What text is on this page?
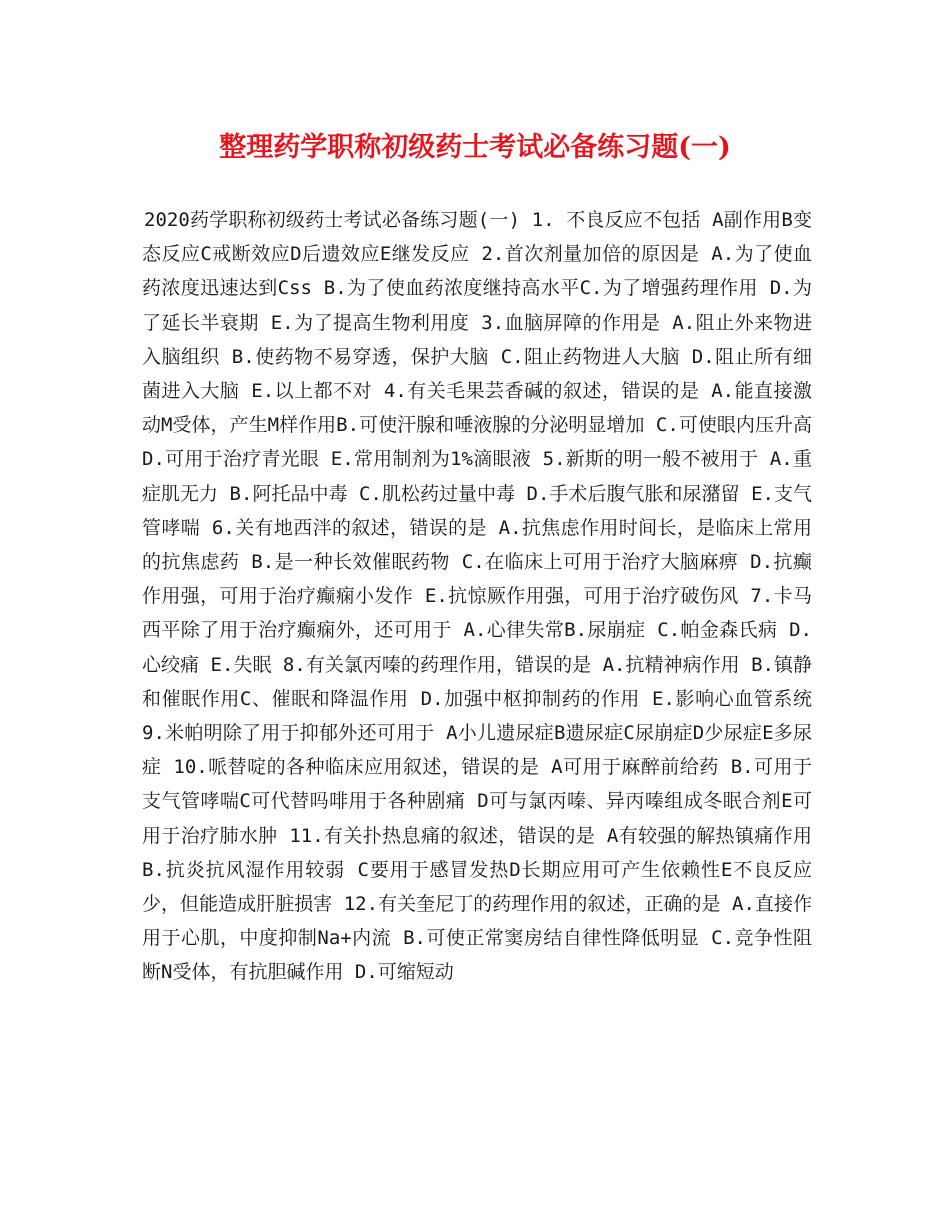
整理药学职称初级药士考试必备练习题(一)

2020药学职称初级药士考试必备练习题(一) 1. 不良反应不包括 A副作用B变态反应C戒断效应D后遗效应E继发反应 2.首次剂量加倍的原因是 A.为了使血药浓度迅速达到Css B.为了使血药浓度继持高水平C.为了增强药理作用 D.为了延长半衰期 E.为了提高生物利用度 3.血脑屏障的作用是 A.阻止外来物进入脑组织 B.使药物不易穿透，保护大脑 C.阻止药物进人大脑 D.阻止所有细菌进入大脑 E.以上都不对 4.有关毛果芸香碱的叙述，错误的是 A.能直接激动M受体，产生M样作用B.可使汗腺和唾液腺的分泌明显增加 C.可使眼内压升高 D.可用于治疗青光眼 E.常用制剂为1%滴眼液 5.新斯的明一般不被用于 A.重症肌无力 B.阿托品中毒 C.肌松药过量中毒 D.手术后腹气胀和尿潴留 E.支气管哮喘 6.关有地西泮的叙述，错误的是 A.抗焦虑作用时间长，是临床上常用的抗焦虑药 B.是一种长效催眠药物 C.在临床上可用于治疗大脑麻痹 D.抗癫作用强，可用于治疗癫痫小发作 E.抗惊厥作用强，可用于治疗破伤风 7.卡马西平除了用于治疗癫痫外，还可用于 A.心律失常B.尿崩症 C.帕金森氏病 D.心绞痛 E.失眠 8.有关氯丙嗪的药理作用，错误的是 A.抗精神病作用 B.镇静和催眠作用C、催眠和降温作用 D.加强中枢抑制药的作用 E.影响心血管系统 9.米帕明除了用于抑郁外还可用于 A小儿遗尿症B遗尿症C尿崩症D少尿症E多尿症 10.哌替啶的各种临床应用叙述，错误的是 A可用于麻醉前给药 B.可用于支气管哮喘C可代替吗啡用于各种剧痛 D可与氯丙嗪、异丙嗪组成冬眠合剂E可用于治疗肺水肿 11.有关扑热息痛的叙述，错误的是 A有较强的解热镇痛作用 B.抗炎抗风湿作用较弱 C要用于感冒发热D长期应用可产生依赖性E不良反应少，但能造成肝脏损害 12.有关奎尼丁的药理作用的叙述，正确的是 A.直接作用于心肌，中度抑制Na+内流 B.可使正常窦房结自律性降低明显 C.竞争性阻断N受体，有抗胆碱作用 D.可缩短动
